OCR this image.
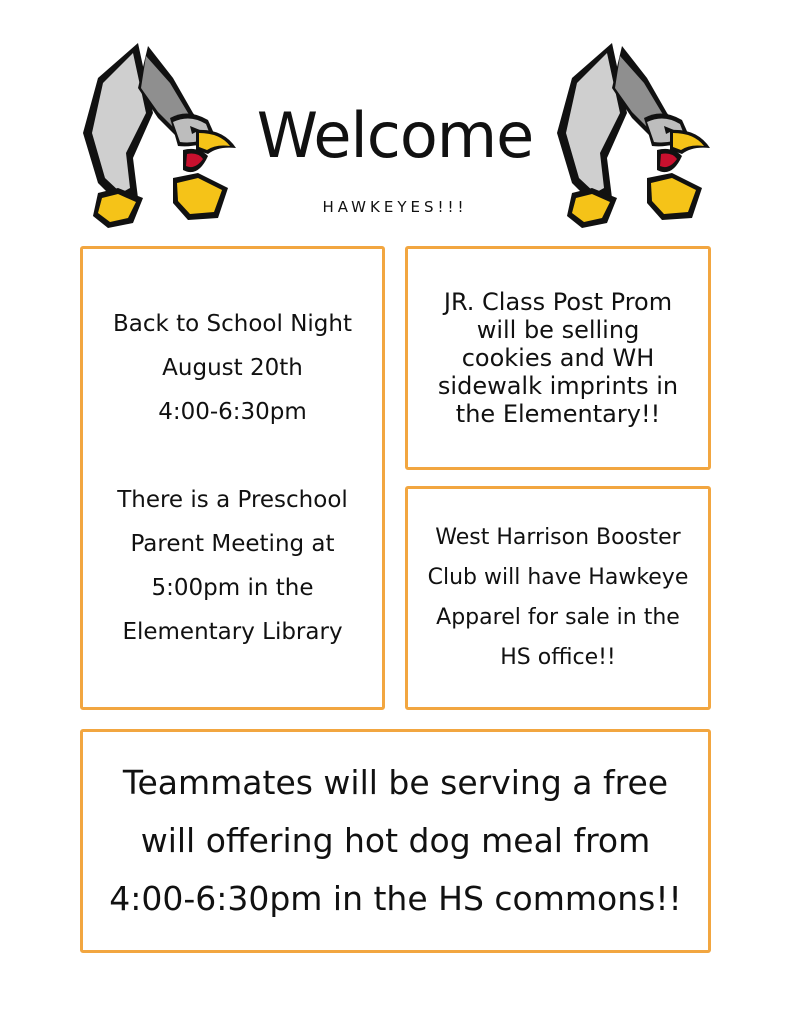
Welcome
HAWKEYES!!!

Back to School Night

August 20th

4:00-6:30pm

There is a Preschool

Parent Meeting at

5:00pm in the

Elementary Library

JR. Class Post Prom

will be selling

cookies and WH

sidewalk imprints in

the Elementary!!

West Harrison Booster

Club will have Hawkeye

Apparel for sale in the

HS office!!

Teammates will be serving a free

will offering hot dog meal from

4:00-6:30pm in the HS commons!!
